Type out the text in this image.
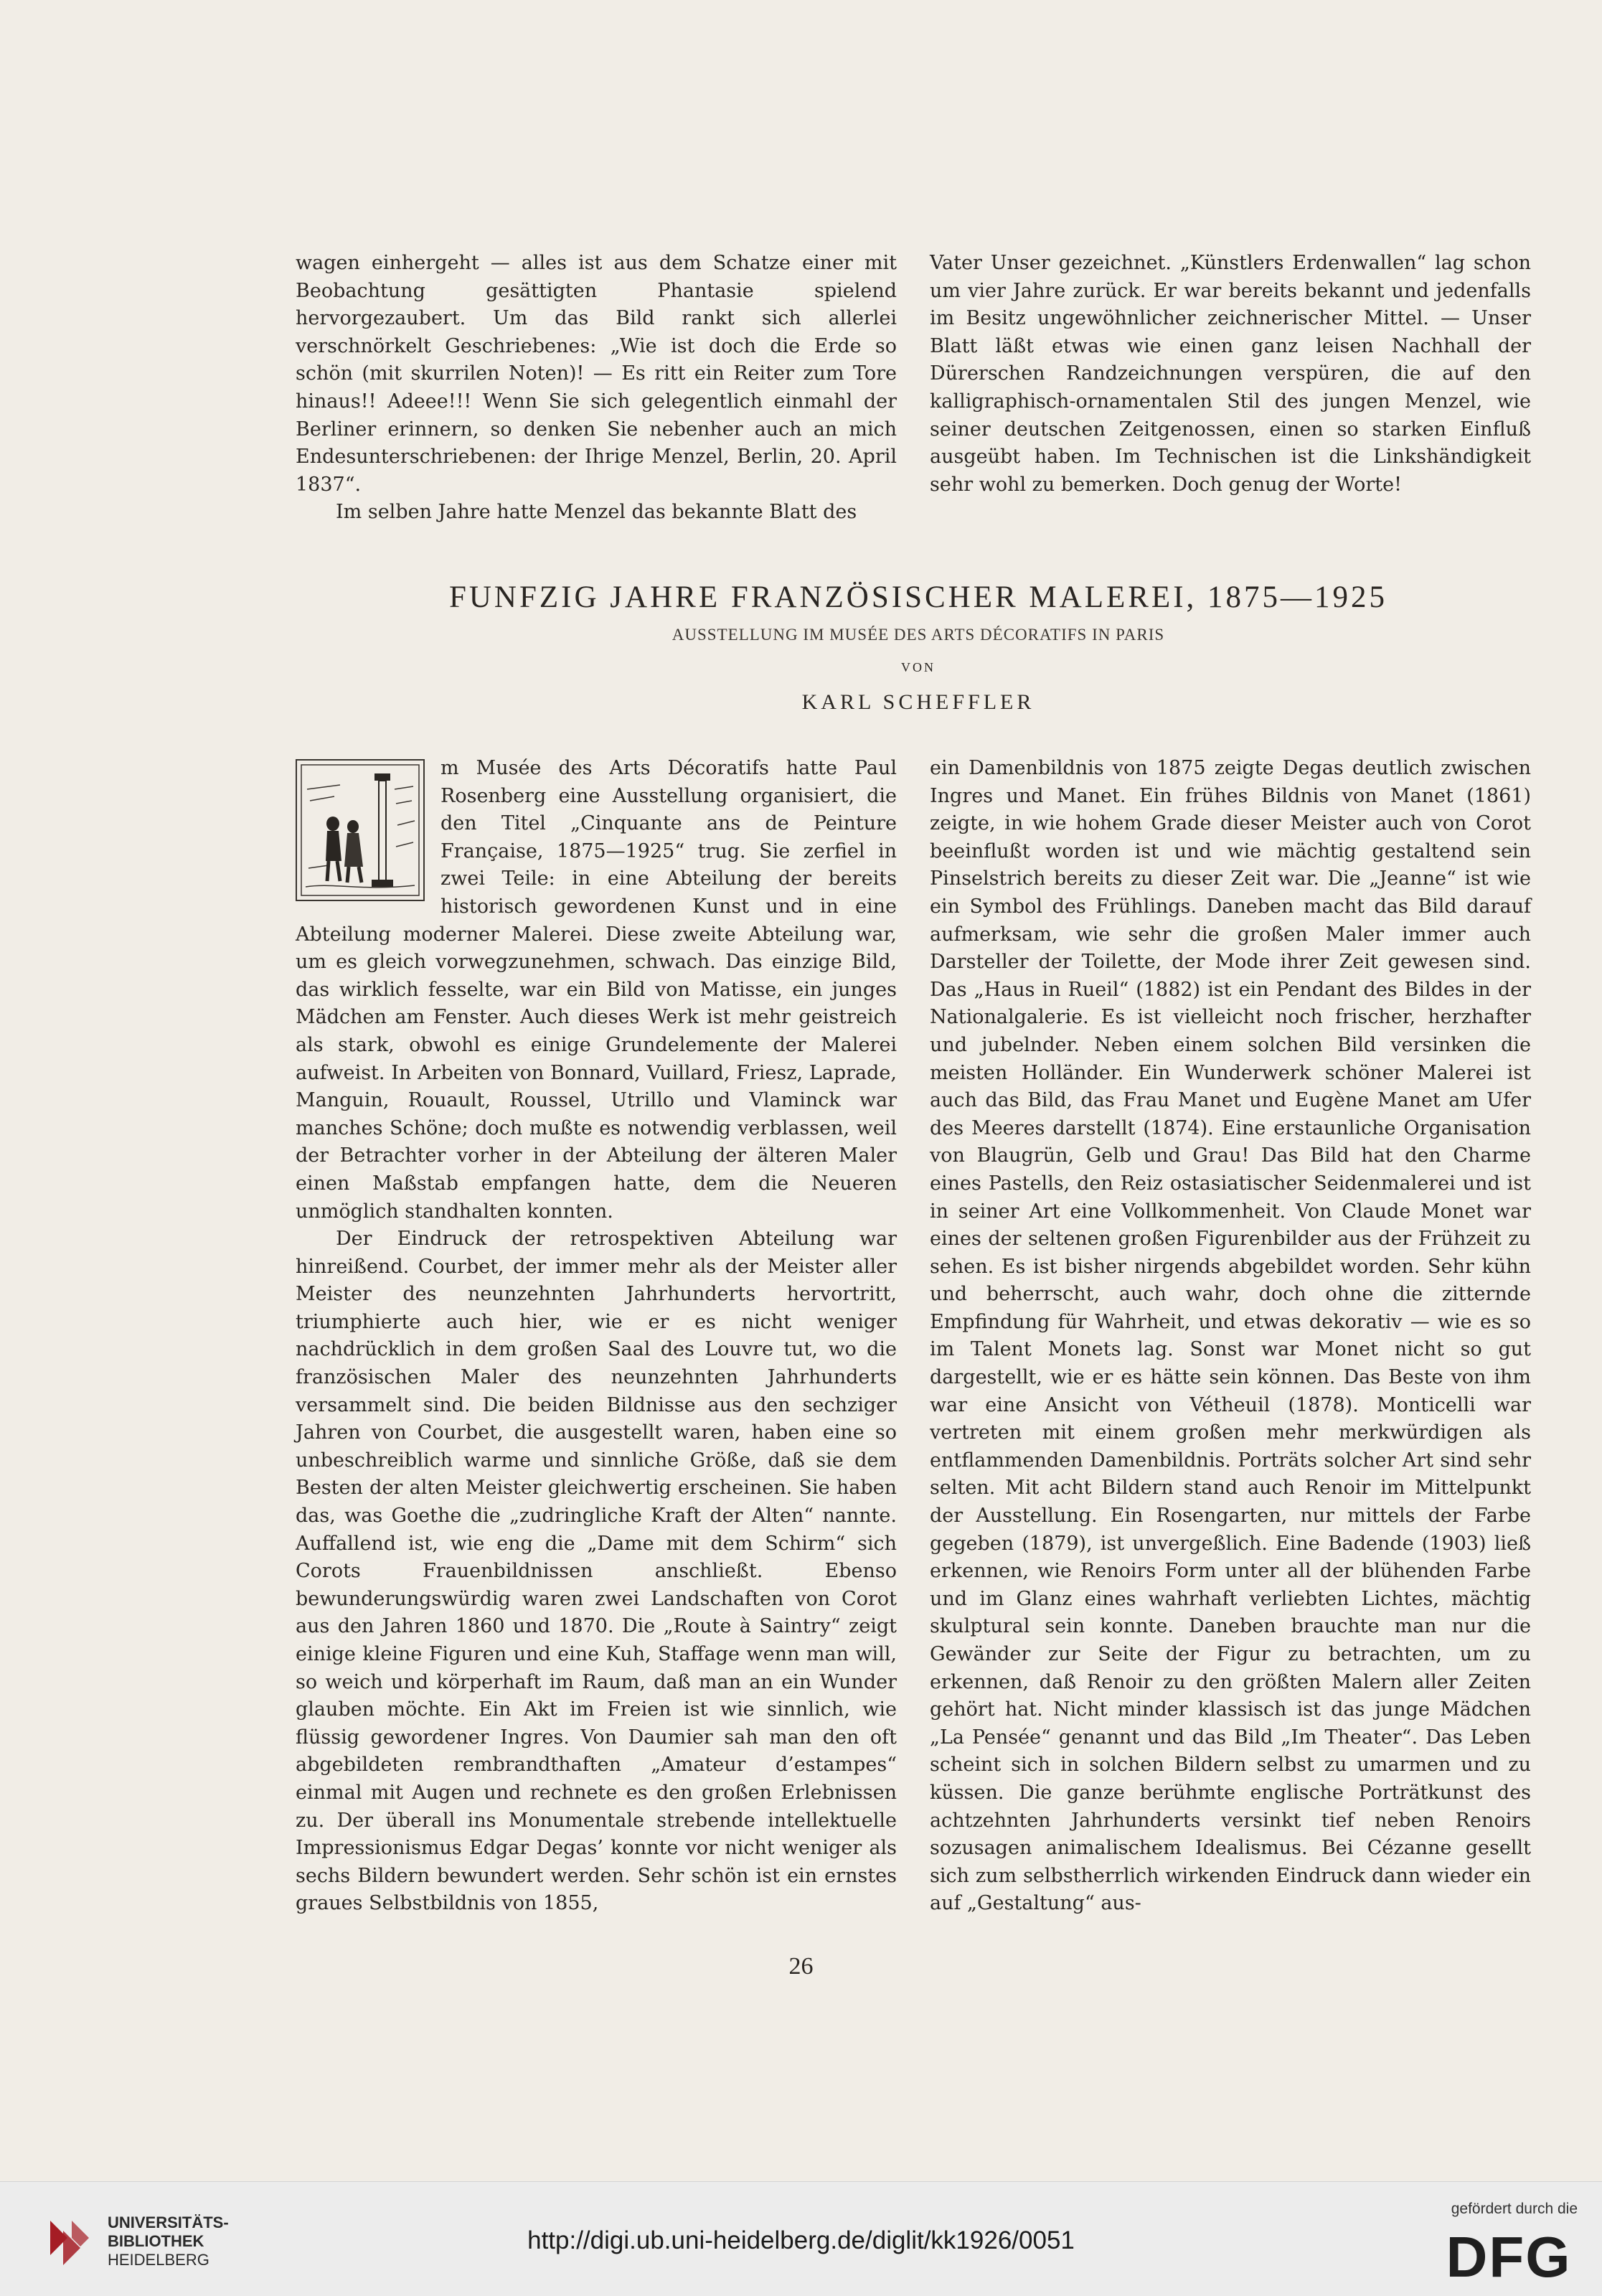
wagen einhergeht — alles ist aus dem Schatze einer mit Beobachtung gesättigten Phantasie spielend hervorgezaubert. Um das Bild rankt sich allerlei verschnörkelt Geschriebenes: „Wie ist doch die Erde so schön (mit skurrilen Noten)! — Es ritt ein Reiter zum Tore hinaus!! Adeee!!! Wenn Sie sich gelegentlich einmahl der Berliner erinnern, so denken Sie nebenher auch an mich Endesunterschriebenen: der Ihrige Menzel, Berlin, 20. April 1837“.

Im selben Jahre hatte Menzel das bekannte Blatt des

Vater Unser gezeichnet. „Künstlers Erdenwallen“ lag schon um vier Jahre zurück. Er war bereits bekannt und jedenfalls im Besitz ungewöhnlicher zeichnerischer Mittel. — Unser Blatt läßt etwas wie einen ganz leisen Nachhall der Dürerschen Randzeichnungen verspüren, die auf den kalligraphisch-ornamentalen Stil des jungen Menzel, wie seiner deutschen Zeitgenossen, einen so starken Einfluß ausgeübt haben. Im Technischen ist die Linkshändigkeit sehr wohl zu bemerken. Doch genug der Worte!

FUNFZIG JAHRE FRANZÖSISCHER MALEREI, 1875—1925
AUSSTELLUNG IM MUSÉE DES ARTS DÉCORATIFS IN PARIS
VON
KARL SCHEFFLER

m Musée des Arts Décoratifs hatte Paul Rosenberg eine Ausstellung organisiert, die den Titel „Cinquante ans de Peinture Française, 1875—1925“ trug. Sie zerfiel in zwei Teile: in eine Abteilung der bereits historisch gewordenen Kunst und in eine Abteilung moderner Malerei. Diese zweite Abteilung war, um es gleich vorwegzunehmen, schwach. Das einzige Bild, das wirklich fesselte, war ein Bild von Matisse, ein junges Mädchen am Fenster. Auch dieses Werk ist mehr geistreich als stark, obwohl es einige Grundelemente der Malerei aufweist. In Arbeiten von Bonnard, Vuillard, Friesz, Laprade, Manguin, Rouault, Roussel, Utrillo und Vlaminck war manches Schöne; doch mußte es notwendig verblassen, weil der Betrachter vorher in der Abteilung der älteren Maler einen Maßstab empfangen hatte, dem die Neueren unmöglich standhalten konnten.

Der Eindruck der retrospektiven Abteilung war hinreißend. Courbet, der immer mehr als der Meister aller Meister des neunzehnten Jahrhunderts hervortritt, triumphierte auch hier, wie er es nicht weniger nachdrücklich in dem großen Saal des Louvre tut, wo die französischen Maler des neunzehnten Jahrhunderts versammelt sind. Die beiden Bildnisse aus den sechziger Jahren von Courbet, die ausgestellt waren, haben eine so unbeschreiblich warme und sinnliche Größe, daß sie dem Besten der alten Meister gleichwertig erscheinen. Sie haben das, was Goethe die „zudringliche Kraft der Alten“ nannte. Auffallend ist, wie eng die „Dame mit dem Schirm“ sich Corots Frauenbildnissen anschließt. Ebenso bewunderungswürdig waren zwei Landschaften von Corot aus den Jahren 1860 und 1870. Die „Route à Saintry“ zeigt einige kleine Figuren und eine Kuh, Staffage wenn man will, so weich und körperhaft im Raum, daß man an ein Wunder glauben möchte. Ein Akt im Freien ist wie sinnlich, wie flüssig gewordener Ingres. Von Daumier sah man den oft abgebildeten rembrandthaften „Amateur d’estampes“ einmal mit Augen und rechnete es den großen Erlebnissen zu. Der überall ins Monumentale strebende intellektuelle Impressionismus Edgar Degas’ konnte vor nicht weniger als sechs Bildern bewundert werden. Sehr schön ist ein ernstes graues Selbstbildnis von 1855,

ein Damenbildnis von 1875 zeigte Degas deutlich zwischen Ingres und Manet. Ein frühes Bildnis von Manet (1861) zeigte, in wie hohem Grade dieser Meister auch von Corot beeinflußt worden ist und wie mächtig gestaltend sein Pinselstrich bereits zu dieser Zeit war. Die „Jeanne“ ist wie ein Symbol des Frühlings. Daneben macht das Bild darauf aufmerksam, wie sehr die großen Maler immer auch Darsteller der Toilette, der Mode ihrer Zeit gewesen sind. Das „Haus in Rueil“ (1882) ist ein Pendant des Bildes in der Nationalgalerie. Es ist vielleicht noch frischer, herzhafter und jubelnder. Neben einem solchen Bild versinken die meisten Holländer. Ein Wunderwerk schöner Malerei ist auch das Bild, das Frau Manet und Eugène Manet am Ufer des Meeres darstellt (1874). Eine erstaunliche Organisation von Blaugrün, Gelb und Grau! Das Bild hat den Charme eines Pastells, den Reiz ostasiatischer Seidenmalerei und ist in seiner Art eine Vollkommenheit. Von Claude Monet war eines der seltenen großen Figurenbilder aus der Frühzeit zu sehen. Es ist bisher nirgends abgebildet worden. Sehr kühn und beherrscht, auch wahr, doch ohne die zitternde Empfindung für Wahrheit, und etwas dekorativ — wie es so im Talent Monets lag. Sonst war Monet nicht so gut dargestellt, wie er es hätte sein können. Das Beste von ihm war eine Ansicht von Vétheuil (1878). Monticelli war vertreten mit einem großen mehr merkwürdigen als entflammenden Damenbildnis. Porträts solcher Art sind sehr selten. Mit acht Bildern stand auch Renoir im Mittelpunkt der Ausstellung. Ein Rosengarten, nur mittels der Farbe gegeben (1879), ist unvergeßlich. Eine Badende (1903) ließ erkennen, wie Renoirs Form unter all der blühenden Farbe und im Glanz eines wahrhaft verliebten Lichtes, mächtig skulptural sein konnte. Daneben brauchte man nur die Gewänder zur Seite der Figur zu betrachten, um zu erkennen, daß Renoir zu den größten Malern aller Zeiten gehört hat. Nicht minder klassisch ist das junge Mädchen „La Pensée“ genannt und das Bild „Im Theater“. Das Leben scheint sich in solchen Bildern selbst zu umarmen und zu küssen. Die ganze berühmte englische Porträtkunst des achtzehnten Jahrhunderts versinkt tief neben Renoirs sozusagen animalischem Idealismus. Bei Cézanne gesellt sich zum selbstherrlich wirkenden Eindruck dann wieder ein auf „Gestaltung“ aus-

26
UNIVERSITÄTS-
BIBLIOTHEK
HEIDELBERG
http://digi.ub.uni-heidelberg.de/diglit/kk1926/0051
gefördert durch die
DFG
